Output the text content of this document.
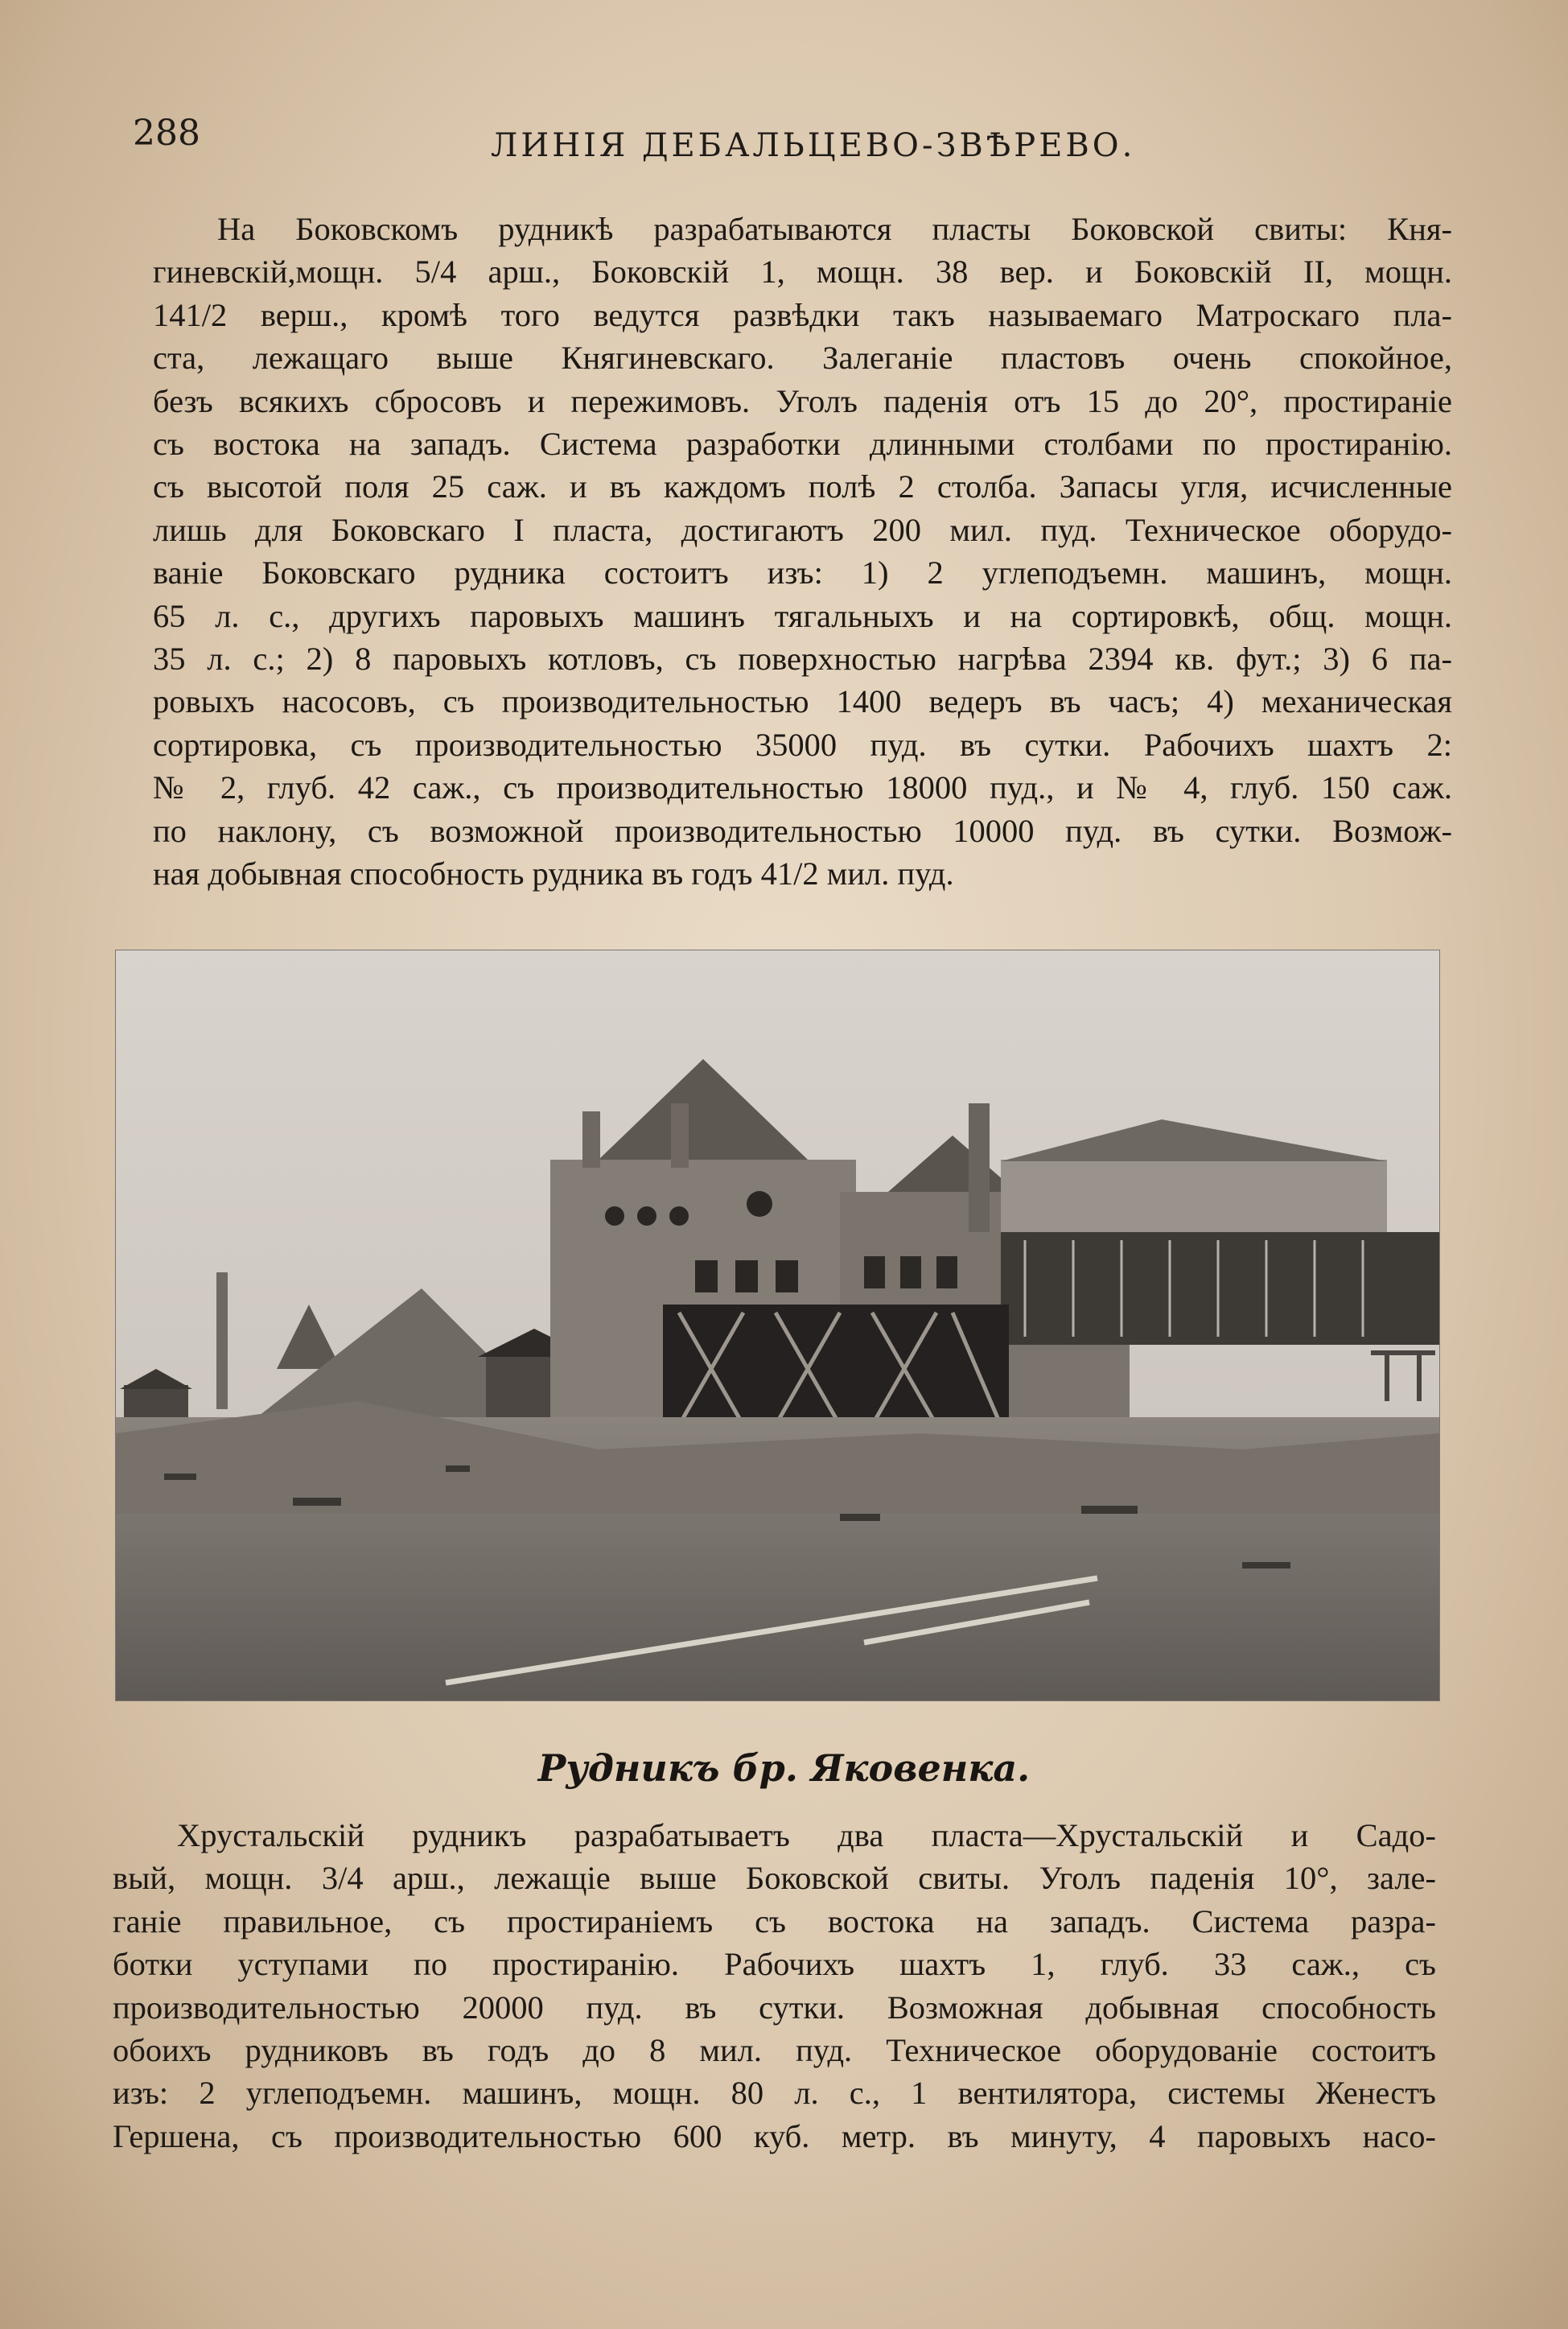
288	ЛИНІЯ ДЕБАЛЬЦЕВО-ЗВѢРЕВО.
На Боковскомъ рудникѣ разрабатываются пласты Боковской свиты: Кня-
гиневскій,мощн. 5/4 арш., Боковскій 1, мощн. 38 вер. и Боковскій II, мощн.
141/2 верш., кромѣ того ведутся развѣдки такъ называемаго Матроскаго пла-
ста, лежащаго выше Княгиневскаго. Залеганіе пластовъ очень спокойное,
безъ всякихъ сбросовъ и пережимовъ. Уголъ паденія отъ 15 до 20°, простираніе
съ востока на западъ. Система разработки длинными столбами по простиранію.
съ высотой поля 25 саж. и въ каждомъ полѣ 2 столба. Запасы угля, исчисленные
лишь для Боковскаго I пласта, достигаютъ 200 мил. пуд. Техническое оборудо-
ваніе Боковскаго рудника состоитъ изъ: 1) 2 углеподъемн. машинъ, мощн.
65 л. с., другихъ паровыхъ машинъ тягальныхъ и на сортировкѣ, общ. мощн.
35 л. с.; 2) 8 паровыхъ котловъ, съ поверхностью нагрѣва 2394 кв. фут.; 3) 6 па-
ровыхъ насосовъ, съ производительностью 1400 ведеръ въ часъ; 4) механическая
сортировка, съ производительностью 35000 пуд. въ сутки. Рабочихъ шахтъ 2:
№ 2, глуб. 42 саж., съ производительностью 18000 пуд., и № 4, глуб. 150 саж.
по наклону, съ возможной производительностью 10000 пуд. въ сутки. Возмож-
ная добывная способность рудника въ годъ 41/2 мил. пуд.
Рудникъ бр. Яковенка.
Хрустальскій рудникъ разрабатываетъ два пласта—Хрустальскій и Садо-
вый, мощн. 3/4 арш., лежащіе выше Боковской свиты. Уголъ паденія 10°, зале-
ганіе правильное, съ простираніемъ съ востока на западъ. Система разра-
ботки уступами по простиранію. Рабочихъ шахтъ 1, глуб. 33 саж., съ
производительностью 20000 пуд. въ сутки. Возможная добывная способность
обоихъ рудниковъ въ годъ до 8 мил. пуд. Техническое оборудованіе состоитъ
изъ: 2 углеподъемн. машинъ, мощн. 80 л. с., 1 вентилятора, системы Женестъ
Гершена, съ производительностью 600 куб. метр. въ минуту, 4 паровыхъ насо-
